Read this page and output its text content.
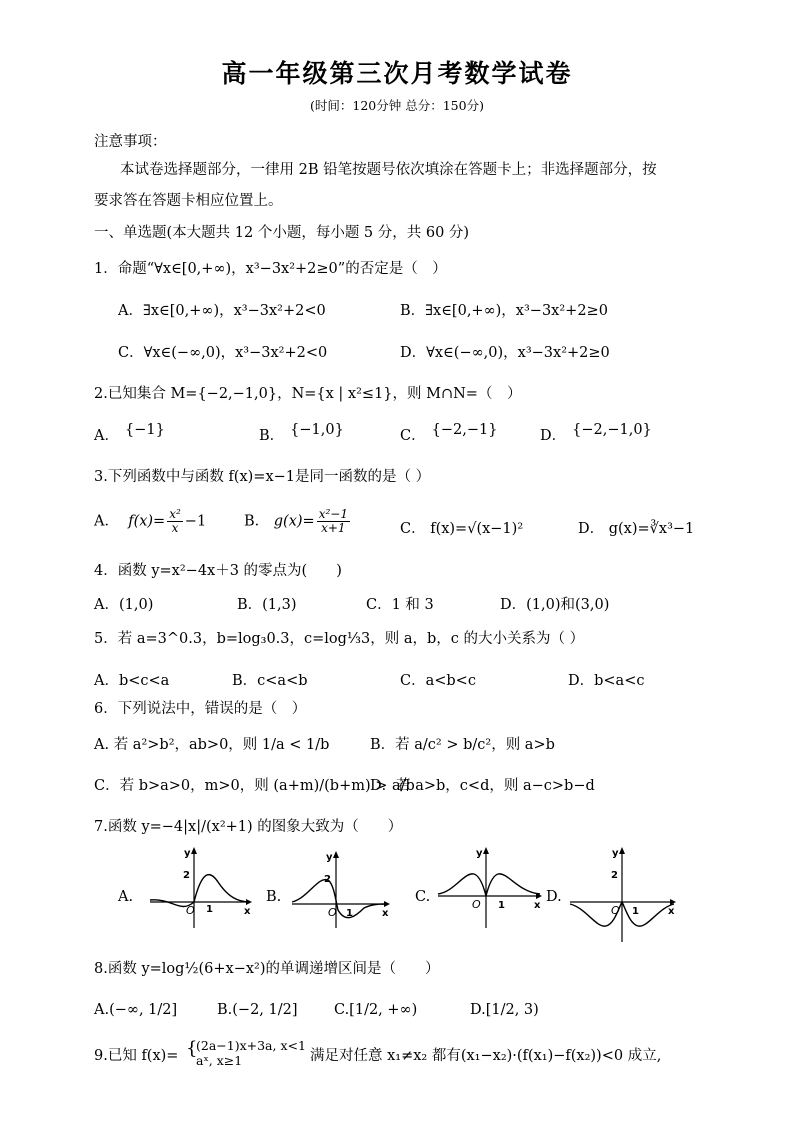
高一年级第三次月考数学试卷
(时间：120分钟 总分：150分)
注意事项：
本试卷选择题部分，一律用 2B 铅笔按题号依次填涂在答题卡上；非选择题部分，按
要求答在答题卡相应位置上。
一、单选题(本大题共 12 个小题，每小题 5 分，共 60 分)
1．命题“∀x∈[0,+∞)，x³−3x²+2≥0”的否定是（　）
A．∃x∈[0,+∞)，x³−3x²+2<0	B．∃x∈[0,+∞)，x³−3x²+2≥0
C．∀x∈(−∞,0)，x³−3x²+2<0	D．∀x∈(−∞,0)，x³−3x²+2≥0
2.已知集合 M={−2,−1,0}，N={x | x²≤1}，则 M∩N=（　）
A． {−1}	B． {−1,0}	C． {−2,−1}	D． {−2,−1,0}
3.下列函数中与函数 f(x)=x−1是同一函数的是（ ）
A． $f(x)= \frac{\text{x²}}{x} -1$	B． $g(x)= \frac{\text{x²−1}}{x+1}$	C． f(x)=√(x−1)²	D． g(x)=∛x³−1
4．函数 y=x²−4x＋3 的零点为(　　)
A．(1,0)	B．(1,3)	C．1 和 3	D．(1,0)和(3,0)
5．若 a=3^0.3，b=log₃0.3，c=log⅓3，则 a，b，c 的大小关系为（ ）
A．b<c<a	B．c<a<b	C．a<b<c	D．b<a<c
6．下列说法中，错误的是（　）
A. 若 a²>b²，ab>0，则 1/a < 1/b	B．若 a/c² > b/c²，则 a>b
C．若 b>a>0，m>0，则 (a+m)/(b+m) > a/b
D．若 a>b，c<d，则 a−c>b−d
7.函数 y=−4|x|/(x²+1) 的图象大致为（　　）
A.
y
2
O 1	x
B.
y
2
O 1	x
C.
y
O 1	x
D.
y
2
O 1	x
8.函数 y=log½(6+x−x²)的单调递增区间是（　　）
A.(−∞, 1/2]	B.(−2, 1/2]	C.[1/2, +∞)	D.[1/2, 3)
9.已知 f(x)= {
(2a−1)x+3a, x<1
aˣ, x≥1	满足对任意 x₁≠x₂ 都有(x₁−x₂)·(f(x₁)−f(x₂))<0 成立,
